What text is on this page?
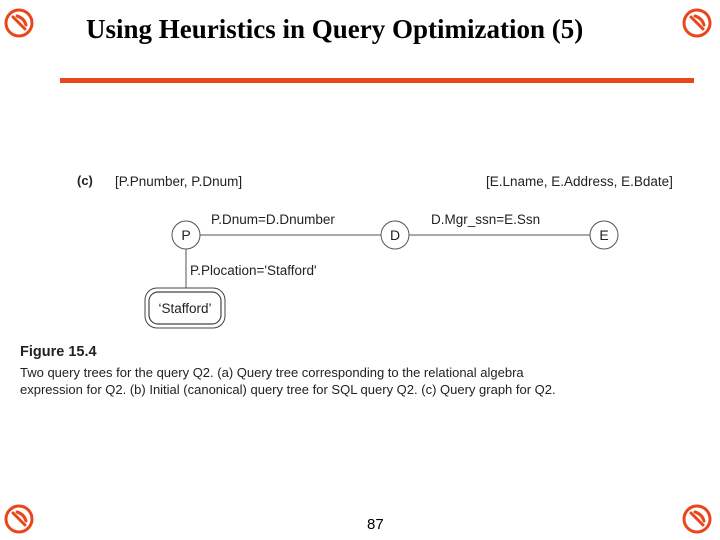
Using Heuristics in Query Optimization (5)
(c) [P.Pnumber, P.Dnum]	[E.Lname, E.Address, E.Bdate]
P.Dnum=D.Dnumber	D.Mgr_ssn=E.Ssn
P.Plocation='Stafford'
P	D	E
‘Stafford’
Figure 15.4
Two query trees for the query Q2. (a) Query tree corresponding to the relational algebra
expression for Q2. (b) Initial (canonical) query tree for SQL query Q2. (c) Query graph for Q2.
87
